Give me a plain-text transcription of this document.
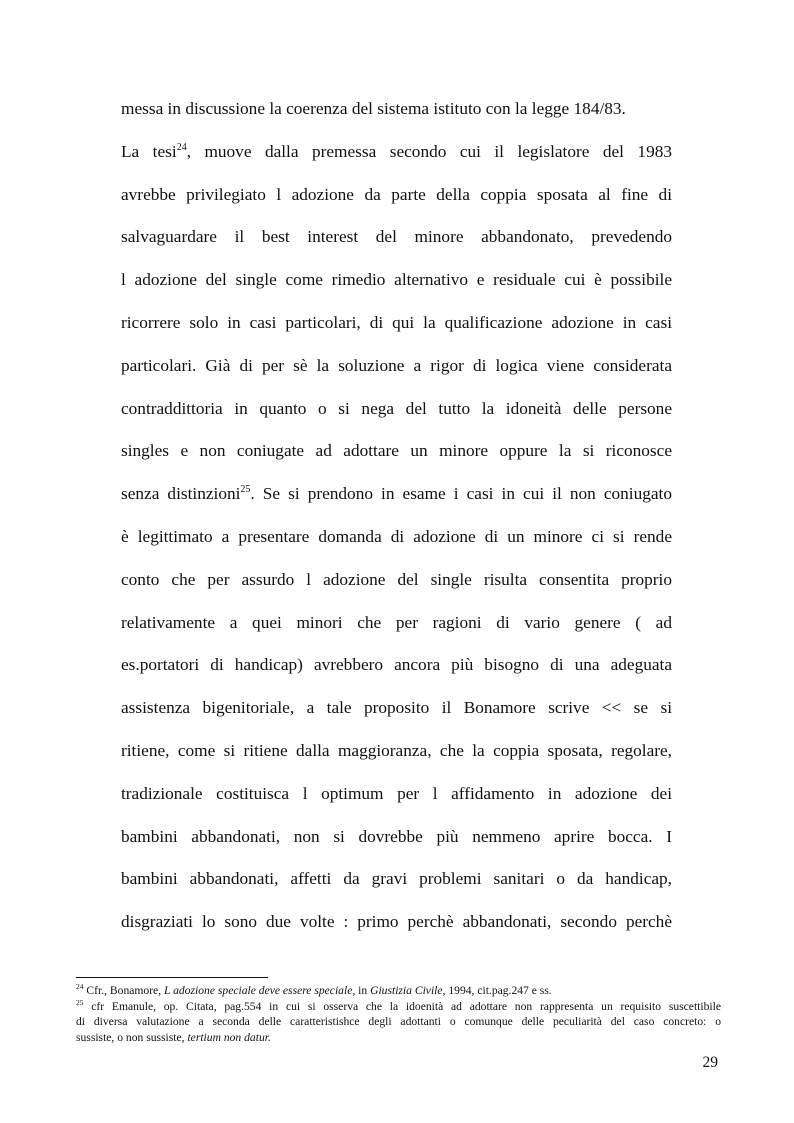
messa in discussione la coerenza del sistema istituto con la legge 184/83.
La tesi$^{24}$, muove dalla premessa secondo cui il legislatore del 1983
avrebbe privilegiato l adozione da parte della coppia sposata al fine di
salvaguardare il best interest del minore abbandonato, prevedendo
l adozione del single come rimedio alternativo e residuale cui è possibile
ricorrere solo in casi particolari, di qui la qualificazione adozione in casi
particolari. Già di per sè la soluzione a rigor di logica viene considerata
contraddittoria in quanto o si nega del tutto la idoneità delle persone
singles e non coniugate ad adottare un minore oppure la si riconosce
senza distinzioni$^{25}$. Se si prendono in esame i casi in cui il non coniugato
è legittimato a presentare domanda di adozione di un minore ci si rende
conto che per assurdo l adozione del single risulta consentita proprio
relativamente a quei minori che per ragioni di vario genere ( ad
es.portatori di handicap) avrebbero ancora più bisogno di una adeguata
assistenza bigenitoriale, a tale proposito il Bonamore scrive << se si
ritiene, come si ritiene dalla maggioranza, che la coppia sposata, regolare,
tradizionale costituisca l optimum per l affidamento in adozione dei
bambini abbandonati, non si dovrebbe più nemmeno aprire bocca. I
bambini abbandonati, affetti da gravi problemi sanitari o da handicap,
disgraziati lo sono due volte : primo perchè abbandonati, secondo perchè
$^{24}$ Cfr., Bonamore, L adozione speciale deve essere speciale, in Giustizia Civile, 1994, cit.pag.247 e ss.
$^{25}$ cfr Emanule, op. Citata, pag.554 in cui si osserva che la idoenità ad adottare non rappresenta un requisito suscettibile
di diversa valutazione a seconda delle caratteristishce degli adottanti o comunque delle peculiarità del caso concreto: o
sussiste, o non sussiste, tertium non datur.
29
